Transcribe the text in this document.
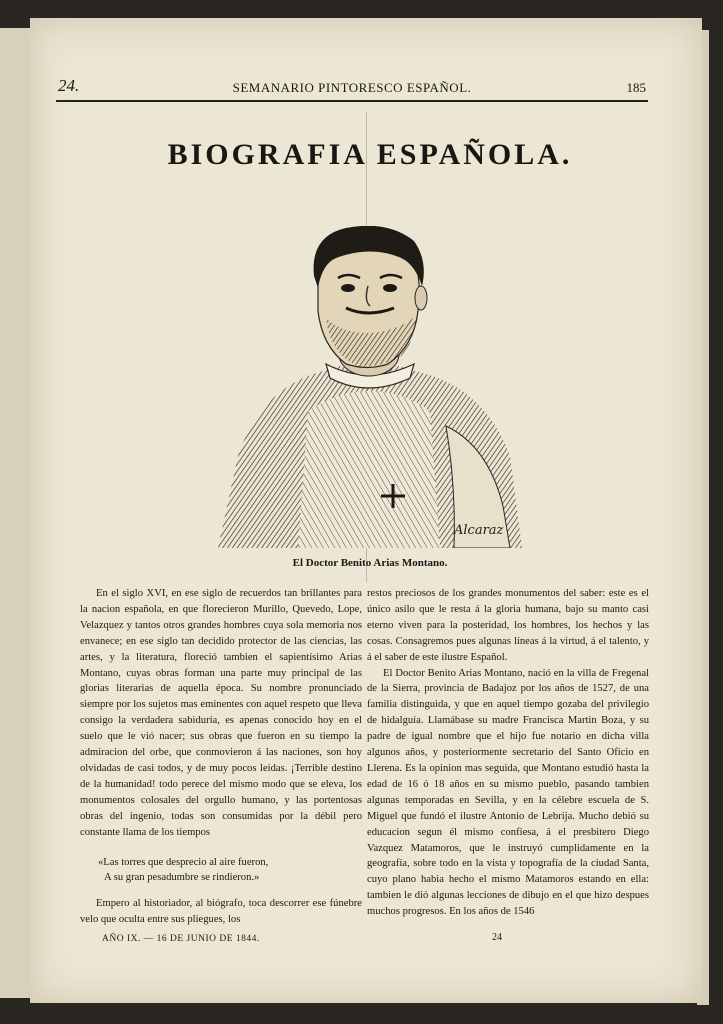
24.	SEMANARIO PINTORESCO ESPAÑOL.	185
BIOGRAFIA ESPAÑOLA.
Alcaraz
El Doctor Benito Arias Montano.

En el siglo XVI, en ese siglo de recuerdos tan brillantes para la nacion española, en que florecieron Murillo, Quevedo, Lope, Velazquez y tantos otros grandes hombres cuya sola memoria nos envanece; en ese siglo tan decidido protector de las ciencias, las artes, y la literatura, floreció tambien el sapientísimo Arias Montano, cuyas obras forman una parte muy principal de las glorias literarias de aquella época. Su nombre pronunciado siempre por los sujetos mas eminentes con aquel respeto que lleva consigo la verdadera sabiduría, es apenas conocido hoy en el suelo que le vió nacer; sus obras que fueron en su tiempo la admiracion del orbe, que conmovieron á las naciones, son hoy olvidadas de casi todos, y de muy pocos leidas. ¡Terrible destino de la humanidad! todo perece del mismo modo que se eleva, los monumentos colosales del orgullo humano, y las portentosas obras del ingenio, todas son consumidas por la débil pero constante llama de los tiempos

«Las torres que desprecio al aire fueron,
A su gran pesadumbre se rindieron.»

Empero al historiador, al biógrafo, toca descorrer ese fúnebre velo que oculta entre sus pliegues, los

restos preciosos de los grandes monumentos del saber: este es el único asilo que le resta á la gloria humana, bajo su manto casi eterno viven para la posteridad, los hombres, los hechos y las cosas. Consagremos pues algunas líneas á la virtud, á el talento, y á el saber de este ilustre Español.

El Doctor Benito Arias Montano, nació en la villa de Fregenal de la Sierra, provincia de Badajoz por los años de 1527, de una familia distinguida, y que en aquel tiempo gozaba del privilegio de hidalguía. Llamábase su madre Francisca Martin Boza, y su padre de igual nombre que el hijo fue notario en dicha villa algunos años, y posteriormente secretario del Santo Oficio en Llerena. Es la opinion mas seguida, que Montano estudió hasta la edad de 16 ó 18 años en su mismo pueblo, pasando tambien algunas temporadas en Sevilla, y en la célebre escuela de S. Miguel que fundó el ilustre Antonio de Lebrija. Mucho debió su educacion segun él mismo confiesa, á el presbitero Diego Vazquez Matamoros, que le instruyó cumplidamente en la geografía, sobre todo en la vista y topografía de la ciudad Santa, cuyo plano habia hecho el mismo Matamoros estando en ella: tambien le dió algunas lecciones de dibujo en el que hizo despues muchos progresos. En los años de 1546

AÑO IX. — 16 DE JUNIO DE 1844.	24
